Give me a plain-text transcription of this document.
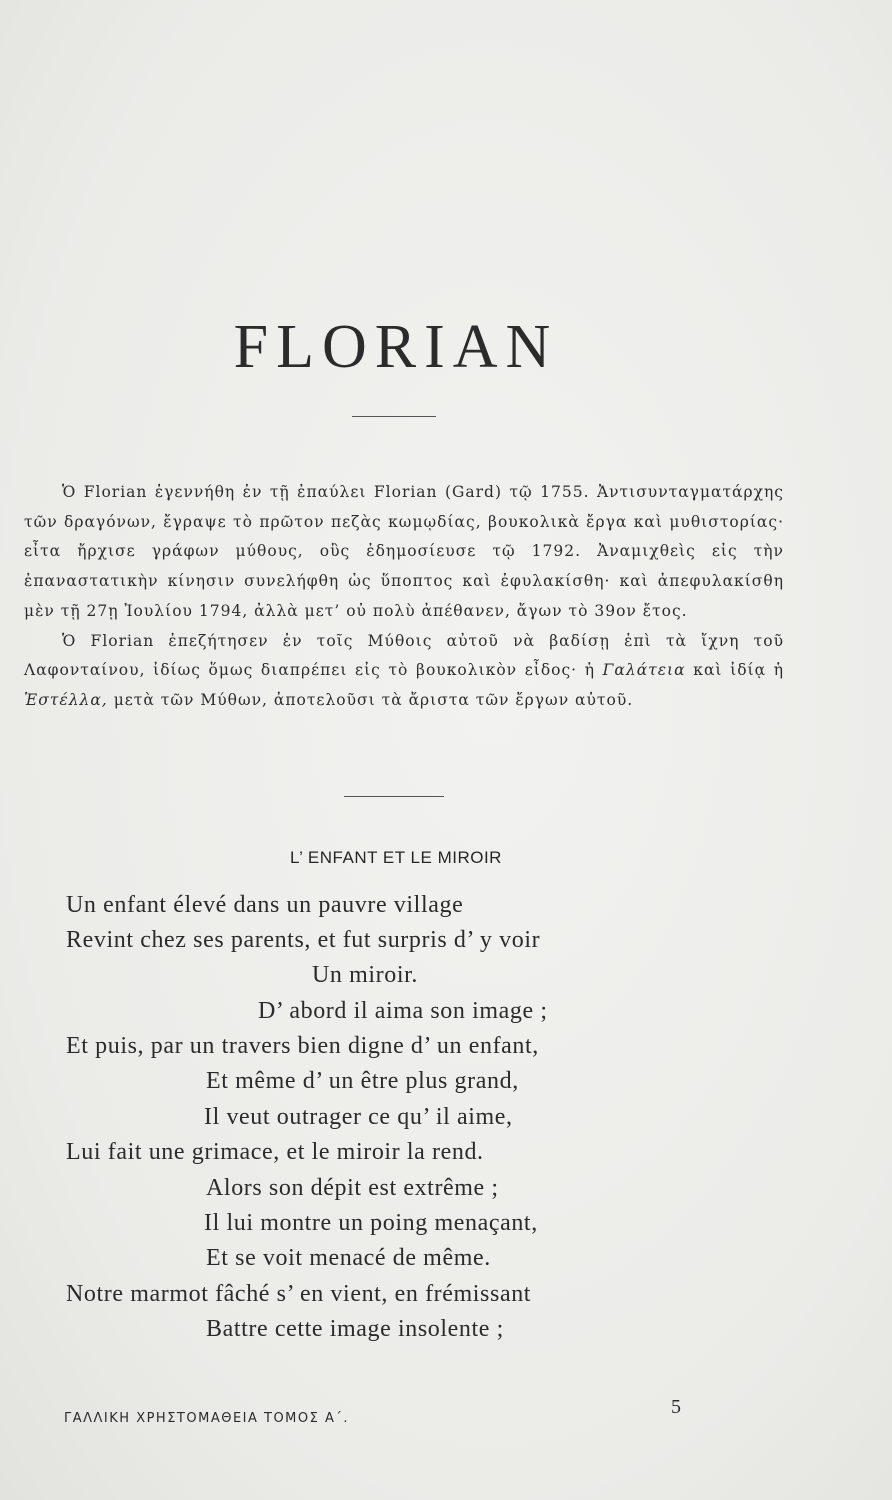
FLORIAN

Ὁ Florian ἐγεννήθη ἐν τῇ ἐπαύλει Florian (Gard) τῷ 1755. Ἀντισυνταγματάρχης τῶν δραγόνων, ἔγραψε τὸ πρῶτον πεζὰς κωμῳδίας, βουκολικὰ ἔργα καὶ μυθιστορίας· εἶτα ἤρχισε γράφων μύθους, οὓς ἐδημοσίευσε τῷ 1792. Ἀναμιχθεὶς εἰς τὴν ἐπαναστατικὴν κίνησιν συνελήφθη ὡς ὕποπτος καὶ ἐφυλακίσθη· καὶ ἀπεφυλακίσθη μὲν τῇ 27ῃ Ἰουλίου 1794, ἀλλὰ μετ’ οὐ πολὺ ἀπέθανεν, ἄγων τὸ 39ον ἔτος.

Ὁ Florian ἐπεζήτησεν ἐν τοῖς Μύθοις αὐτοῦ νὰ βαδίσῃ ἐπὶ τὰ ἴχνη τοῦ Λαφονταίνου, ἰδίως ὅμως διαπρέπει εἰς τὸ βουκολικὸν εἶδος· ἡ Γαλάτεια καὶ ἰδίᾳ ἡ Ἐστέλλα, μετὰ τῶν Μύθων, ἀποτελοῦσι τὰ ἄριστα τῶν ἔργων αὐτοῦ.

L’ ENFANT ET LE MIROIR
Un enfant élevé dans un pauvre village
Revint chez ses parents, et fut surpris d’ y voir
Un miroir.
D’ abord il aima son image ;
Et puis, par un travers bien digne d’ un enfant,
Et même d’ un être plus grand,
Il veut outrager ce qu’ il aime,
Lui fait une grimace, et le miroir la rend.
Alors son dépit est extrême ;
Il lui montre un poing menaçant,
Et se voit menacé de même.
Notre marmot fâché s’ en vient, en frémissant
Battre cette image insolente ;
ΓΑΛΛΙΚΗ ΧΡΗΣΤΟΜΑΘΕΙΑ ΤΟΜΟΣ Α΄.
5
